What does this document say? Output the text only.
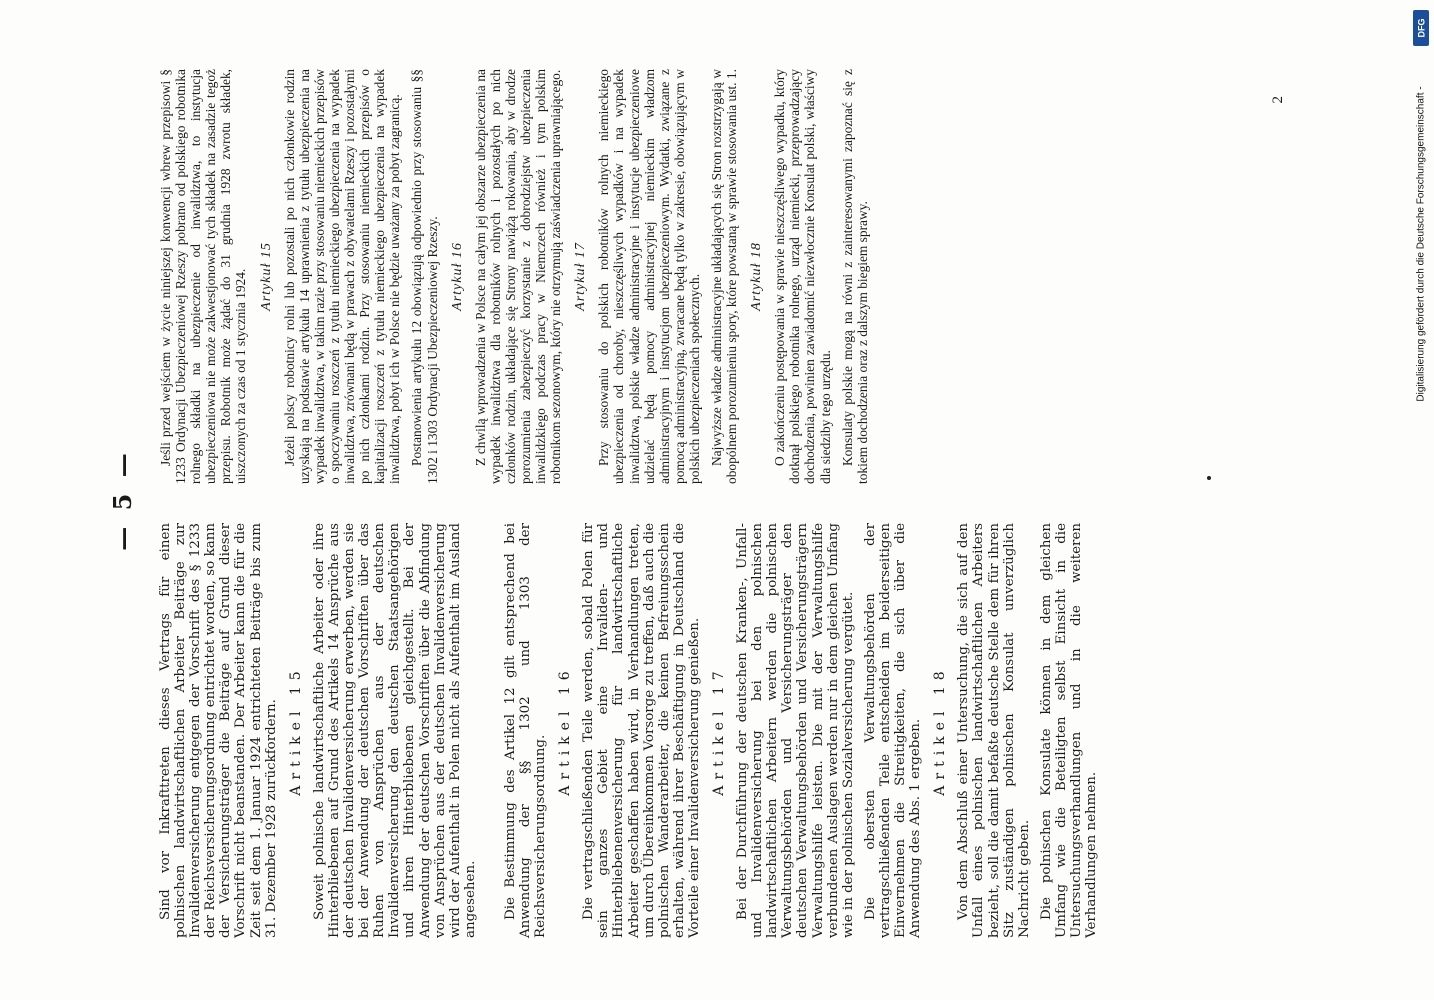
— 5 —

Sind vor Inkrafttreten dieses Vertrags für einen polnischen landwirtschaftlichen Arbeiter Beiträge zur Invalidenversicherung entgegen der Vorschrift des § 1233 der Reichsversicherungsordnung entrichtet worden, so kann der Versicherungsträger die Beiträge auf Grund dieser Vorschrift nicht beanstanden. Der Arbeiter kann die für die Zeit seit dem 1. Januar 1924 entrichteten Beiträge bis zum 31. Dezember 1928 zurückfordern. Artikel 15 Soweit polnische landwirtschaftliche Arbeiter oder ihre Hinterbliebenen auf Grund des Artikels 14 Ansprüche aus der deutschen Invalidenversicherung erwerben, werden sie bei der Anwendung der deutschen Vorschriften über das Ruhen von Ansprüchen aus der deutschen Invalidenversicherung den deutschen Staatsangehörigen und ihren Hinterbliebenen gleichgestellt. Bei der Anwendung der deutschen Vorschriften über die Abfindung von Ansprüchen aus der deutschen Invalidenversicherung wird der Aufenthalt in Polen nicht als Aufenthalt im Ausland angesehen. Die Bestimmung des Artikel 12 gilt entsprechend bei Anwendung der §§ 1302 und 1303 der Reichsversicherungsordnung.

Artikel 16 Die vertragschließenden Teile werden, sobald Polen für sein ganzes Gebiet eine Invaliden- und Hinterbliebenenversicherung für landwirtschaftliche Arbeiter geschaffen haben wird, in Verhandlungen treten, um durch Übereinkommen Vorsorge zu treffen, daß auch die polnischen Wanderarbeiter, die keinen Befreiungsschein erhalten, während ihrer Beschäftigung in Deutschland die Vorteile einer Invalidenversicherung genießen. Artikel 17 Bei der Durchführung der deutschen Kranken-, Unfall- und Invalidenversicherung bei den polnischen landwirtschaftlichen Arbeitern werden die polnischen Verwaltungsbehörden und Versicherungsträger den deutschen Verwaltungsbehörden und Versicherungsträgern Verwaltungshilfe leisten. Die mit der Verwaltungshilfe verbundenen Auslagen werden nur in dem gleichen Umfang wie in der polnischen Sozialversicherung vergütet. Die obersten Verwaltungsbehörden der vertragschließenden Teile entscheiden im beiderseitigen Einvernehmen die Streitigkeiten, die sich über die Anwendung des Abs. 1 ergeben. Artikel 18 Von dem Abschluß einer Untersuchung, die sich auf den Unfall eines polnischen landwirtschaftlichen Arbeiters bezieht, soll die damit befaßte deutsche Stelle dem für ihren Sitz zuständigen polnischen Konsulat unverzüglich Nachricht geben. Die polnischen Konsulate können in dem gleichen Umfang wie die Beteiligten selbst Einsicht in die Untersuchungsverhandlungen und in die weiteren Verhandlungen nehmen.

Jeśli przed wejściem w życie niniejszej konwencji wbrew przepisowi § 1233 Ordynacji Ubezpieczeniowej Rzeszy pobrano od polskiego robotnika rolnego składki na ubezpieczenie od inwalidztwa, to instytucja ubezpieczeniowa nie może zakwestjonować tych składek na zasadzie tegoż przepisu. Robotnik może żądać do 31 grudnia 1928 zwrotu składek, uiszczonych za czas od 1 stycznia 1924. Artykuł 15 Jeżeli polscy robotnicy rolni lub pozostali po nich członkowie rodzin uzyskają na podstawie artykułu 14 uprawnienia z tytułu ubezpieczenia na wypadek inwalidztwa, w takim razie przy stosowaniu niemieckich przepisów o spoczywaniu roszczeń z tytułu niemieckiego ubezpieczenia na wypadek inwalidztwa, zrównani będą w prawach z obywatelami Rzeszy i pozostałymi po nich członkami rodzin. Przy stosowaniu niemieckich przepisów o kapitalizacji roszczeń z tytułu niemieckiego ubezpieczenia na wypadek inwalidztwa, pobyt ich w Polsce nie będzie uważany za pobyt zagranicą. Postanowienia artykułu 12 obowiązują odpowiednio przy stosowaniu §§ 1302 i 1303 Ordynacji Ubezpieczeniowej Rzeszy. Artykuł 16 Z chwilą wprowadzenia w Polsce na całym jej obszarze ubezpieczenia na wypadek inwalidztwa dla robotników rolnych i pozostałych po nich członków rodzin, układające się Strony nawiążą rokowania, aby w drodze porozumienia zabezpieczyć korzystanie z dobrodziejstw ubezpieczenia inwalidzkiego podczas pracy w Niemczech również i tym polskim robotnikom sezonowym, który nie otrzymują zaświadczenia uprawniającego. Artykuł 17 Przy stosowaniu do polskich robotników rolnych niemieckiego ubezpieczenia od choroby, nieszczęśliwych wypadków i na wypadek inwalidztwa, polskie władze administracyjne i instytucje ubezpieczeniowe udzielać będą pomocy administracyjnej niemieckim władzom administracyjnym i instytucjom ubezpieczeniowym. Wydatki, związane z pomocą administracyjną, zwracane będą tylko w zakresie, obowiązującym w polskich ubezpieczeniach społecznych. Najwyższe władze administracyjne układających się Stron rozstrzygają w obopólnem porozumieniu spory, które powstaną w sprawie stosowania ust. 1. Artykuł 18 O zakończeniu postępowania w sprawie nieszczęśliwego wypadku, który dotknął polskiego robotnika rolnego, urząd niemiecki, przeprowadzający dochodzenia, powinien zawiadomić niezwłocznie Konsulat polski, właściwy dla siedziby tego urzędu. Konsulaty polskie mogą na równi z zainteresowanymi zapoznać się z tokiem dochodzenia oraz z dalszym biegiem sprawy.

2
DFG
Digitalisierung gefördert durch die Deutsche Forschungsgemeinschaft -
